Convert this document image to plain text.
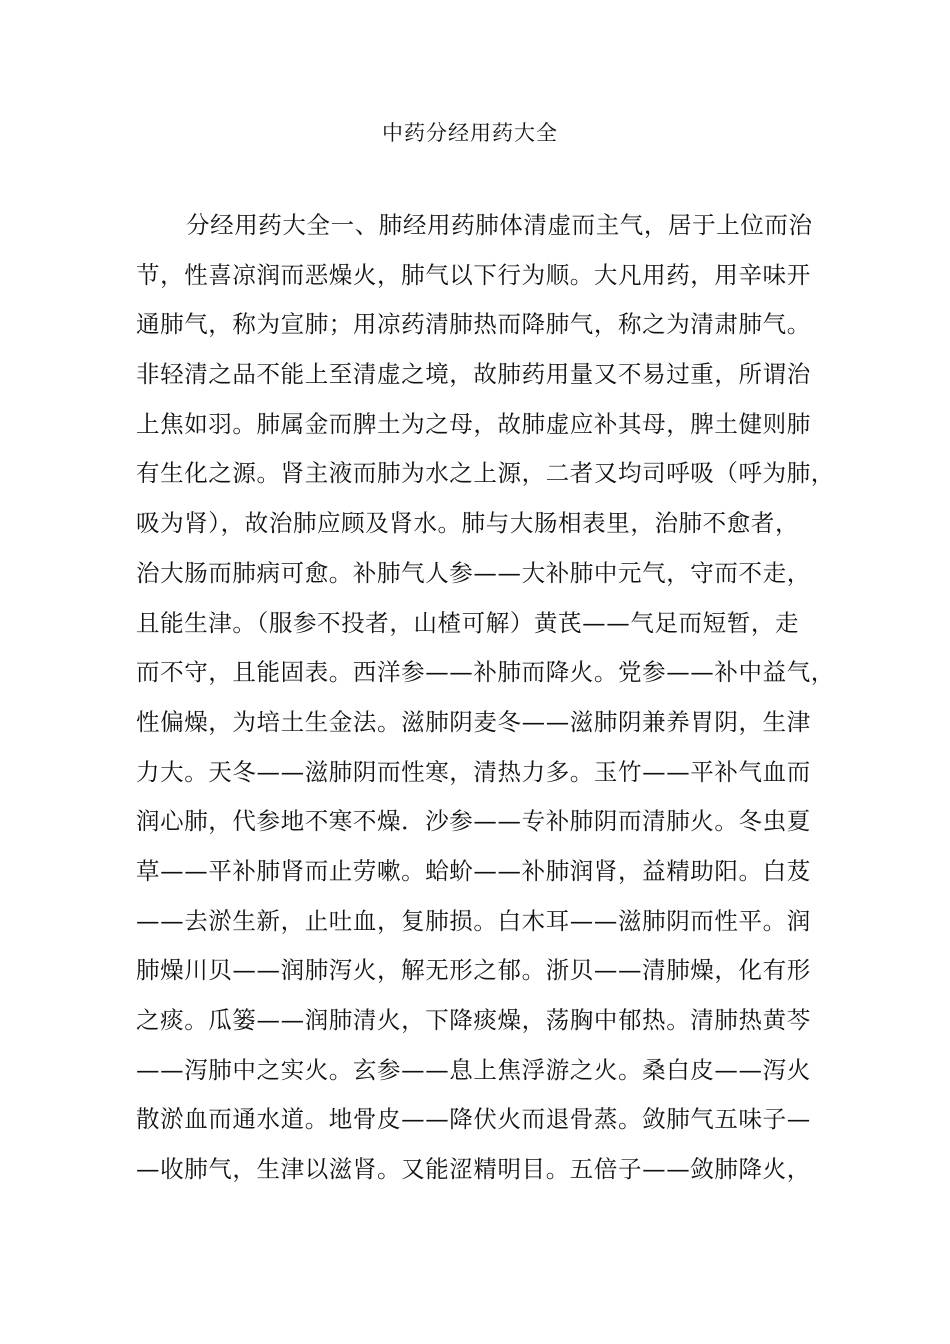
中药分经用药大全
分经用药大全一、肺经用药肺体清虚而主气，居于上位而治
节，性喜凉润而恶燥火，肺气以下行为顺。大凡用药，用辛味开
通肺气，称为宣肺；用凉药清肺热而降肺气，称之为清肃肺气。
非轻清之品不能上至清虚之境，故肺药用量又不易过重，所谓治
上焦如羽。肺属金而脾土为之母，故肺虚应补其母，脾土健则肺
有生化之源。肾主液而肺为水之上源，二者又均司呼吸（呼为肺，
吸为肾），故治肺应顾及肾水。肺与大肠相表里，治肺不愈者，
治大肠而肺病可愈。补肺气人参——大补肺中元气，守而不走，
且能生津。（服参不投者，山楂可解）黄芪——气足而短暂，走
而不守，且能固表。西洋参——补肺而降火。党参——补中益气，
性偏燥，为培土生金法。滋肺阴麦冬——滋肺阴兼养胃阴，生津
力大。天冬——滋肺阴而性寒，清热力多。玉竹——平补气血而
润心肺，代参地不寒不燥．沙参——专补肺阴而清肺火。冬虫夏
草——平补肺肾而止劳嗽。蛤蚧——补肺润肾，益精助阳。白芨
——去淤生新，止吐血，复肺损。白木耳——滋肺阴而性平。润
肺燥川贝——润肺泻火，解无形之郁。浙贝——清肺燥，化有形
之痰。瓜篓——润肺清火，下降痰燥，荡胸中郁热。清肺热黄芩
——泻肺中之实火。玄参——息上焦浮游之火。桑白皮——泻火
散淤血而通水道。地骨皮——降伏火而退骨蒸。敛肺气五味子—
—收肺气，生津以滋肾。又能涩精明目。五倍子——敛肺降火，
